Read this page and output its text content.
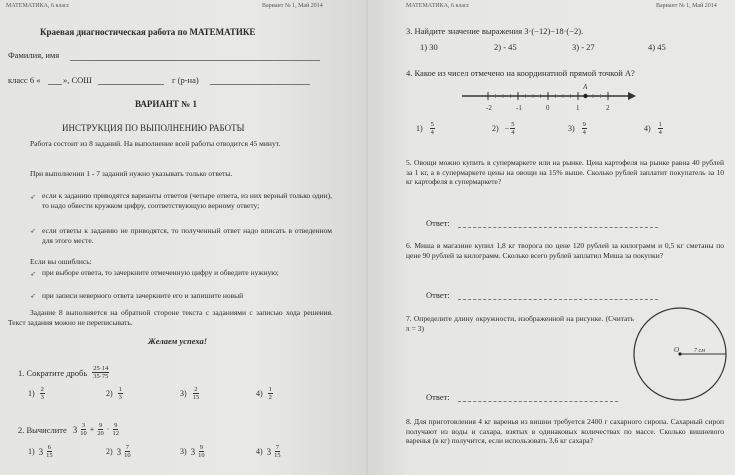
МАТЕМАТИКА, 6 класс	Вариант № 1, Май 2014
Краевая диагностическая работа по МАТЕМАТИКЕ
Фамилия, имя
класс 6 «	», СОШ	г (р-на)
ВАРИАНТ № 1
ИНСТРУКЦИЯ ПО ВЫПОЛНЕНИЮ РАБОТЫ

Работа состоит из 8 заданий. На выполнение всей работы отводится 45 минут.

При выполнении 1 - 7 заданий нужно указывать только ответы.

➶ если к заданию приводятся варианты ответов (четыре ответа, из них верный только один), то надо обвести кружком цифру, соответствующую верному ответу;

➶ если ответы к заданию не приводятся, то полученный ответ надо вписать в отведенном для этого месте.

Если вы ошиблись:
➶ при выборе ответа, то зачеркните отмеченную цифру и обведите нужную;

➶ при записи неверного ответа зачеркните его и запишите новый

Задание 8 выполняется на обратной стороне текста с заданиями с записью хода решения. Текст задания можно не переписывать.

Желаем успеха!
1. Сократите дробь $\frac{25\cdot 14}{35\cdot 75}$
$1) \frac{2}{3}$	$2) \frac{1}{3}$	$3) \frac{2}{15}$	$4) \frac{1}{2}$
2. Вычислите $3 \frac{3}{10} + \frac{9}{20} \cdot \frac{9}{12}$
1) $3 \frac{6}{15}$	2) $3 \frac{7}{10}$	3) $3 \frac{9}{10}$	4) $3 \frac{7}{15}$
МАТЕМАТИКА, 6 класс	Вариант № 1, Май 2014
3. Найдите значение выражения 3·(−12)−18·(−2).
1) 30	2) - 45	3) - 27	4) 45
4. Какое из чисел отмечено на координатной прямой точкой А?
-2	-1	0	1	2
A
$1) \frac{5}{4}$	$2) - \frac{5}{4}$	$3) \frac{9}{4}$	$4) \frac{1}{4}$

5. Овощи можно купить в супермаркете или на рынке. Цена картофеля на рынке равна 40 рублей за 1 кг, а в супермаркете цены на овощи на 15% выше. Сколько рублей заплатит покупатель за 10 кг картофеля в супермаркете?

Ответ:

6. Миша в магазине купил 1,8 кг творога по цене 120 рублей за килограмм и 0,5 кг сметаны по цене 90 рублей за килограмм. Сколько всего рублей заплатил Миша за покупки?

Ответ:

7. Определите длину окружности, изображенной на рисунке. (Считать π = 3)

O 7 см
Ответ:

8. Для приготовления 4 кг варенья из вишни требуется 2400 г сахарного сиропа. Сахарный сироп получают из воды и сахара, взятых в одинаковых количествах по массе. Сколько вишневого варенья (в кг) получится, если использовать 3,6 кг сахара?
